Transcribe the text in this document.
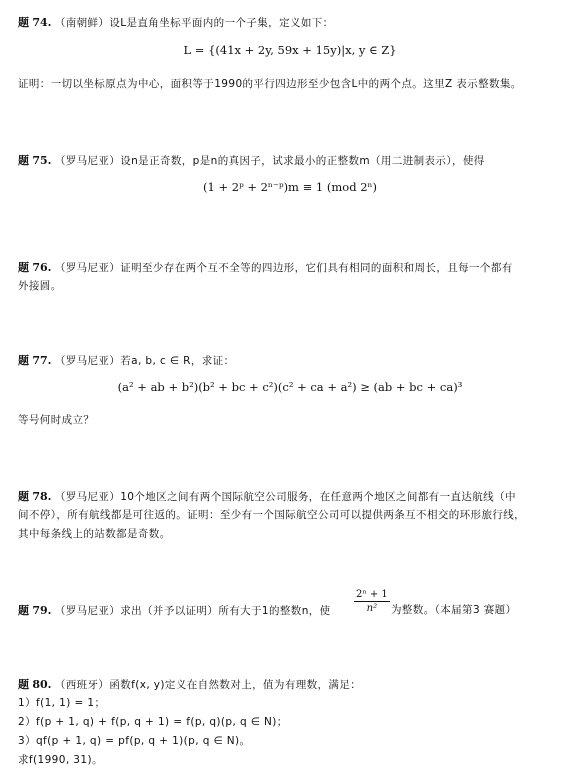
题 74. （南朝鲜）设L是直角坐标平面内的一个子集，定义如下：
L = {(41x + 2y, 59x + 15y)|x, y ∈ Z}
证明：一切以坐标原点为中心，面积等于1990的平行四边形至少包含L中的两个点。这里Z 表示整数集。
题 75. （罗马尼亚）设n是正奇数，p是n的真因子，试求最小的正整数m（用二进制表示），使得
(1 + 2ᵖ + 2ⁿ⁻ᵖ)m ≡ 1 (mod 2ⁿ)
题 76. （罗马尼亚）证明至少存在两个互不全等的四边形，它们具有相同的面积和周长，且每一个都有
外接圆。
题 77. （罗马尼亚）若a, b, c ∈ R，求证：
(a² + ab + b²)(b² + bc + c²)(c² + ca + a²) ≥ (ab + bc + ca)³
等号何时成立？
题 78. （罗马尼亚）10个地区之间有两个国际航空公司服务，在任意两个地区之间都有一直达航线（中
间不停），所有航线都是可往返的。证明：至少有一个国际航空公司可以提供两条互不相交的环形旅行线，
其中每条线上的站数都是奇数。
题 79. （罗马尼亚）求出（并予以证明）所有大于1的整数n，使
2ⁿ + 1
n²	为整数。（本届第3 赛题）
题 80. （西班牙）函数f(x, y)定义在自然数对上，值为有理数，满足：
1）f(1, 1) = 1；
2）f(p + 1, q) + f(p, q + 1) = f(p, q)(p, q ∈ N)；
3）qf(p + 1, q) = pf(p, q + 1)(p, q ∈ N)。
求f(1990, 31)。
